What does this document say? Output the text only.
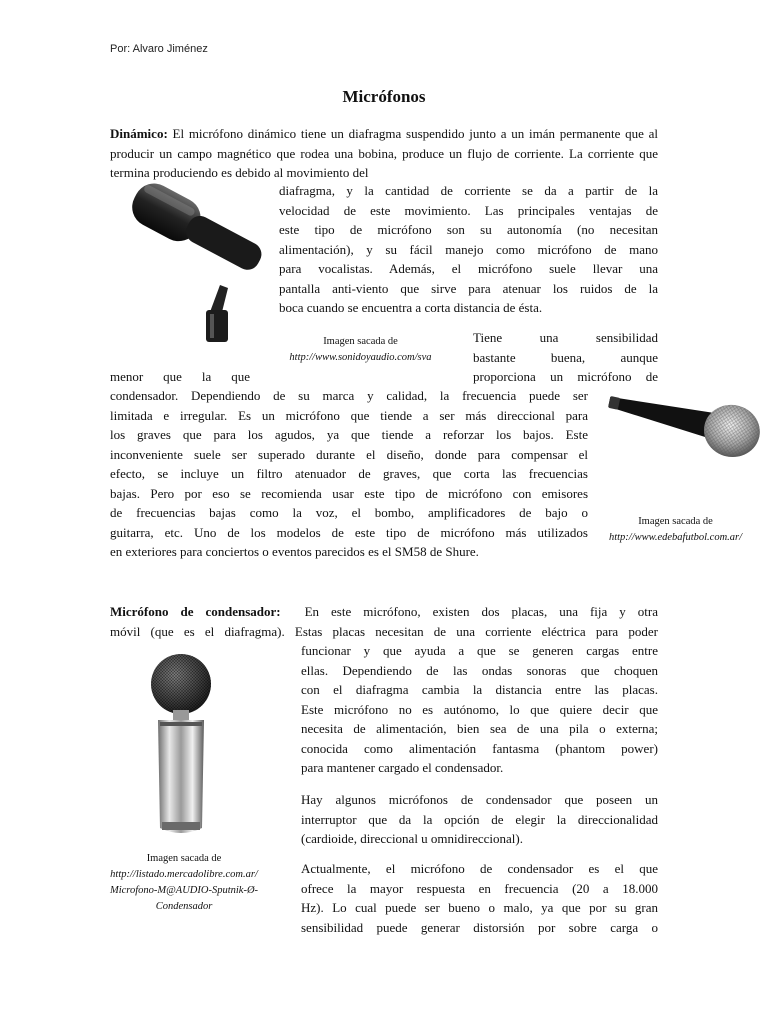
Por: Alvaro Jiménez
Micrófonos
Dinámico: El micrófono dinámico tiene un diafragma suspendido junto a un imán permanente que al producir un campo magnético que rodea una bobina, produce un flujo de corriente. La corriente que termina produciendo es debido al movimiento del
diafragma, y la cantidad de corriente se da a partir de la
velocidad de este movimiento. Las principales ventajas de
este tipo de micrófono son su autonomía (no necesitan
alimentación), y su fácil manejo como micrófono de mano
para vocalistas. Además, el micrófono suele llevar una
pantalla anti-viento que sirve para atenuar los ruidos de la
boca cuando se encuentra a corta distancia de ésta.
Imagen sacada de
http://www.sonidoyaudio.com/sva
Tiene una sensibilidad
bastante buena, aunque
proporciona un micrófono de
menor que la que
condensador. Dependiendo de su marca y calidad, la frecuencia puede ser
limitada e irregular. Es un micrófono que tiende a ser más direccional para
los graves que para los agudos, ya que tiende a reforzar los bajos. Este
inconveniente suele ser superado durante el diseño, donde para compensar el
efecto, se incluye un filtro atenuador de graves, que corta las frecuencias
bajas. Pero por eso se recomienda usar este tipo de micrófono con emisores
de frecuencias bajas como la voz, el bombo, amplificadores de bajo o
guitarra, etc. Uno de los modelos de este tipo de micrófono más utilizados
en exteriores para conciertos o eventos parecidos es el SM58 de Shure.
Imagen sacada de
http://www.edebafutbol.com.ar/
Micrófono de condensador: En este micrófono, existen dos placas, una fija y otra
móvil (que es el diafragma). Estas placas necesitan de una corriente eléctrica para poder
Imagen sacada de
http://listado.mercadolibre.com.ar/
Microfono-M@AUDIO-Sputnik-Ø-
Condensador
funcionar y que ayuda a que se generen cargas entre
ellas. Dependiendo de las ondas sonoras que choquen
con el diafragma cambia la distancia entre las placas.
Este micrófono no es autónomo, lo que quiere decir que
necesita de alimentación, bien sea de una pila o externa;
conocida como alimentación fantasma (phantom power)
para mantener cargado el condensador.
Hay algunos micrófonos de condensador que poseen un
interruptor que da la opción de elegir la direccionalidad
(cardioide, direccional u omnidireccional).
Actualmente, el micrófono de condensador es el que
ofrece la mayor respuesta en frecuencia (20 a 18.000
Hz). Lo cual puede ser bueno o malo, ya que por su gran
sensibilidad puede generar distorsión por sobre carga o
